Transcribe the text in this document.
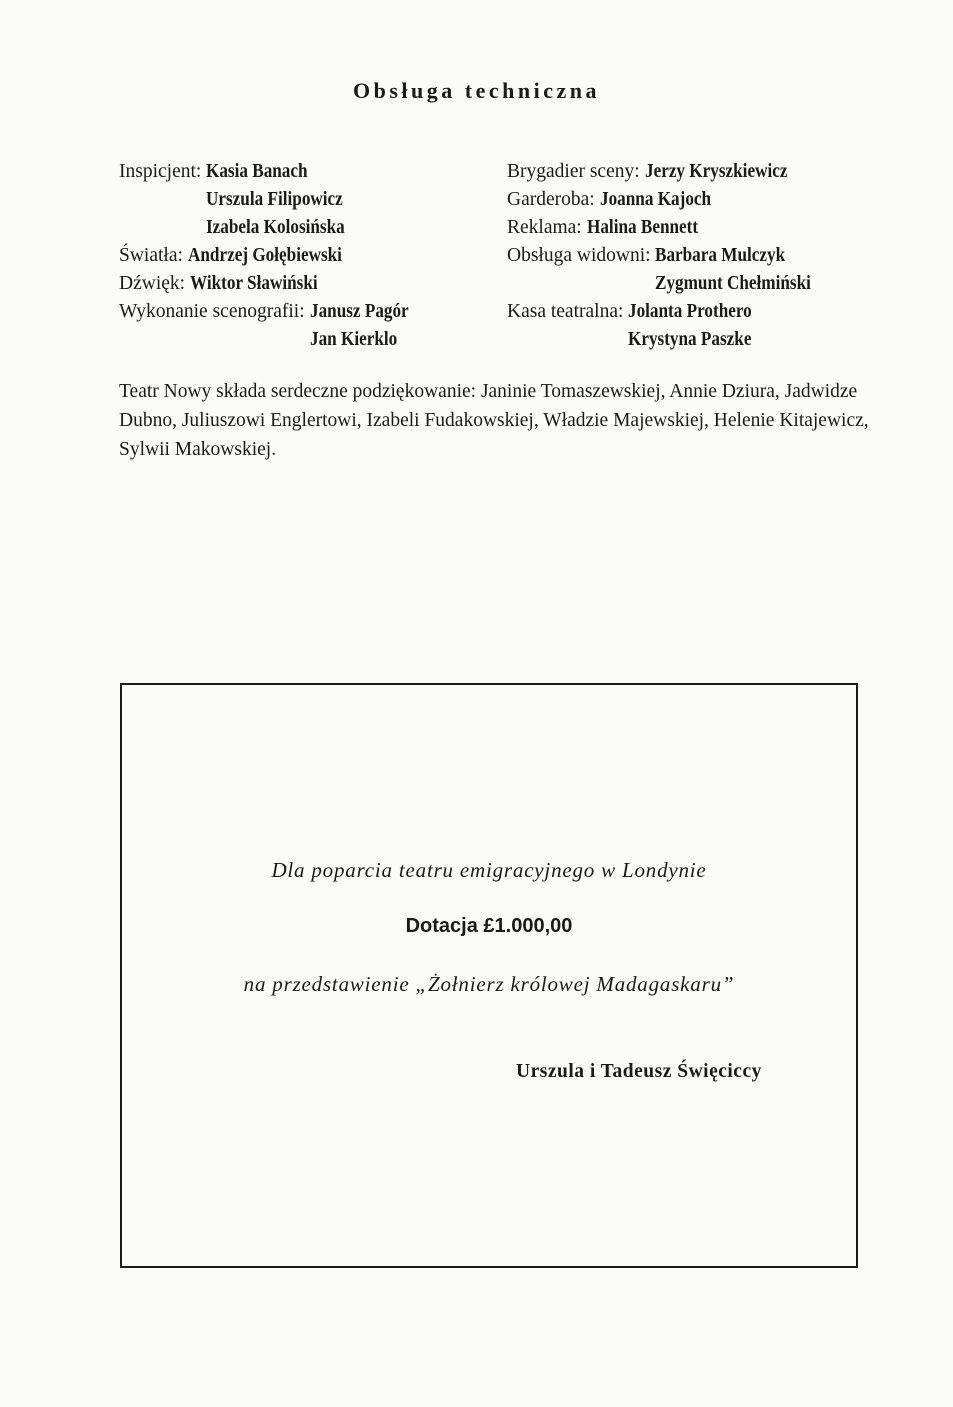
Obsługa techniczna
Inspicjent: Kasia Banach
Urszula Filipowicz
Izabela Kolosińska
Światła: Andrzej Gołębiewski
Dźwięk: Wiktor Sławiński
Wykonanie scenografii: Janusz Pagór
Jan Kierklo
Brygadier sceny: Jerzy Kryszkiewicz
Garderoba: Joanna Kajoch
Reklama: Halina Bennett
Obsługa widowni: Barbara Mulczyk
Zygmunt Chełmiński
Kasa teatralna: Jolanta Prothero
Krystyna Paszke

Teatr Nowy składa serdeczne podziękowanie: Janinie Tomaszewskiej, Annie Dziura, Jadwidze Dubno, Juliuszowi Englertowi, Izabeli Fudakowskiej, Władzie Majewskiej, Helenie Kitajewicz, Sylwii Makowskiej.

Dla poparcia teatru emigracyjnego w Londynie

Dotacja £1.000,00

na przedstawienie „Żołnierz królowej Madagaskaru”

Urszula i Tadeusz Święciccy
